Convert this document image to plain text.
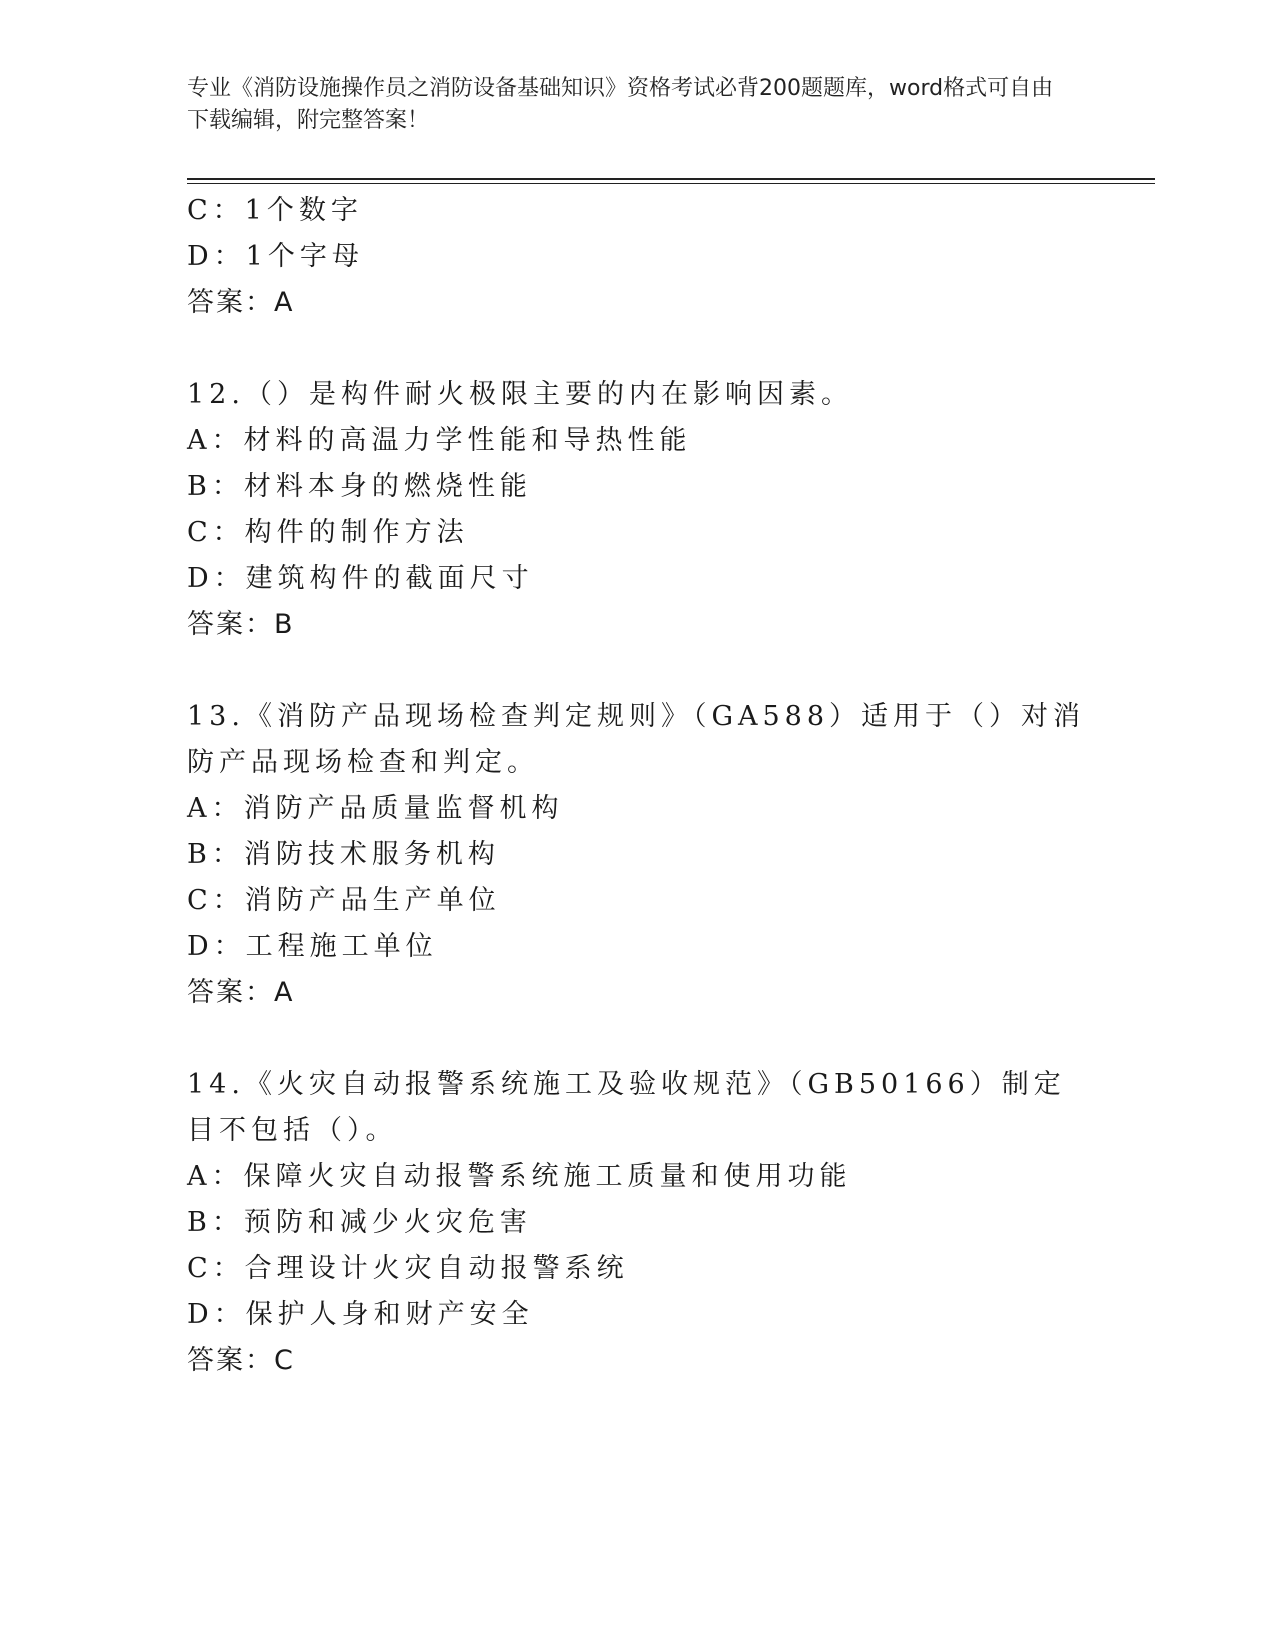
专业《消防设施操作员之消防设备基础知识》资格考试必背200题题库，word格式可自由下载编辑，附完整答案！
C：1个数字
D：1个字母
答案：A
12.（）是构件耐火极限主要的内在影响因素。
A：材料的高温力学性能和导热性能
B：材料本身的燃烧性能
C：构件的制作方法
D：建筑构件的截面尺寸
答案：B
13.《消防产品现场检查判定规则》（GA588）适用于（）对消防产品现场检查和判定。
A：消防产品质量监督机构
B：消防技术服务机构
C：消防产品生产单位
D：工程施工单位
答案：A
14.《火灾自动报警系统施工及验收规范》（GB50166）制定目不包括（）。
A：保障火灾自动报警系统施工质量和使用功能
B：预防和减少火灾危害
C：合理设计火灾自动报警系统
D：保护人身和财产安全
答案：C
